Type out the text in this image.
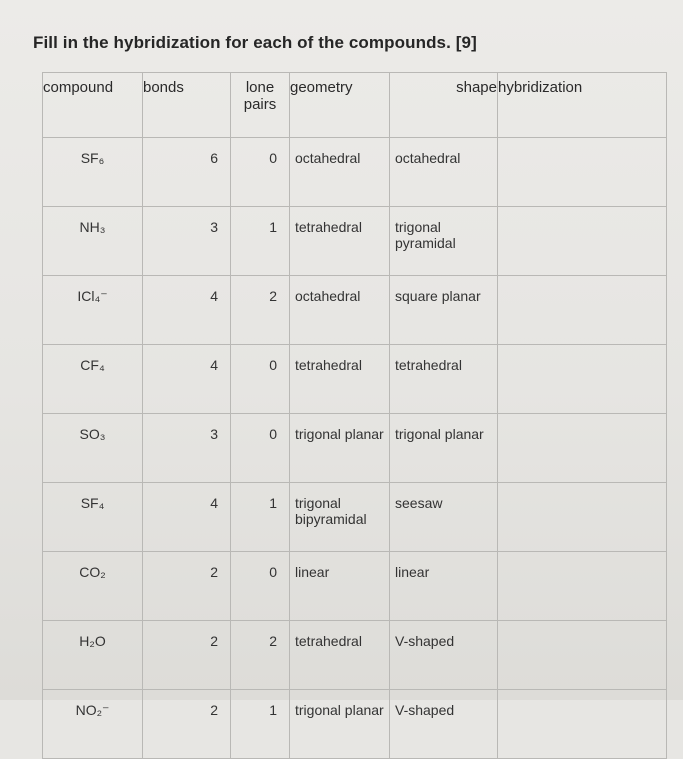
Fill in the hybridization for each of the compounds. [9]
compound	bonds	lone pairs	geometry	shape	hybridization
SF₆	6	0	octahedral	octahedral	
NH₃	3	1	tetrahedral	trigonal pyramidal	
ICl₄⁻	4	2	octahedral	square planar	
CF₄	4	0	tetrahedral	tetrahedral	
SO₃	3	0	trigonal planar	trigonal planar	
SF₄	4	1	trigonal bipyramidal	seesaw	
CO₂	2	0	linear	linear	
H₂O	2	2	tetrahedral	V-shaped	
NO₂⁻	2	1	trigonal planar	V-shaped	
